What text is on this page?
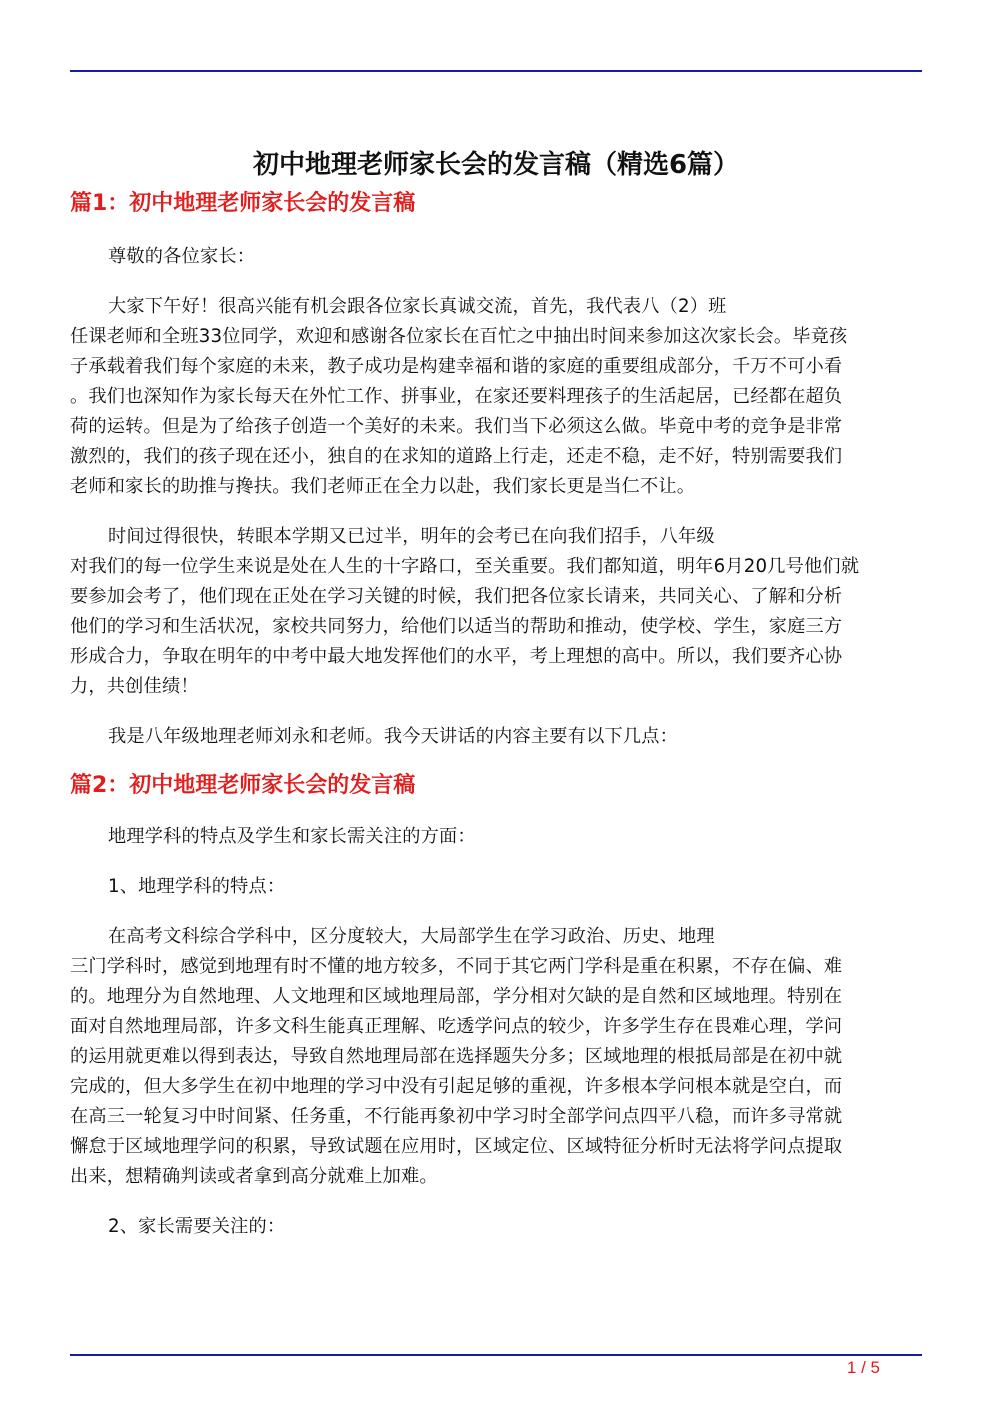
初中地理老师家长会的发言稿（精选6篇）
篇1：初中地理老师家长会的发言稿

尊敬的各位家长：

大家下午好！很高兴能有机会跟各位家长真诚交流，首先，我代表八（2）班
任课老师和全班33位同学，欢迎和感谢各位家长在百忙之中抽出时间来参加这次家长会。毕竟孩
子承载着我们每个家庭的未来，教子成功是构建幸福和谐的家庭的重要组成部分，千万不可小看
。我们也深知作为家长每天在外忙工作、拼事业，在家还要料理孩子的生活起居，已经都在超负
荷的运转。但是为了给孩子创造一个美好的未来。我们当下必须这么做。毕竟中考的竞争是非常
激烈的，我们的孩子现在还小，独自的在求知的道路上行走，还走不稳，走不好，特别需要我们
老师和家长的助推与搀扶。我们老师正在全力以赴，我们家长更是当仁不让。

时间过得很快，转眼本学期又已过半，明年的会考已在向我们招手，八年级
对我们的每一位学生来说是处在人生的十字路口，至关重要。我们都知道，明年6月20几号他们就
要参加会考了，他们现在正处在学习关键的时候，我们把各位家长请来，共同关心、了解和分析
他们的学习和生活状况，家校共同努力，给他们以适当的帮助和推动，使学校、学生，家庭三方
形成合力，争取在明年的中考中最大地发挥他们的水平，考上理想的高中。所以，我们要齐心协
力，共创佳绩！

我是八年级地理老师刘永和老师。我今天讲话的内容主要有以下几点：

篇2：初中地理老师家长会的发言稿

地理学科的特点及学生和家长需关注的方面：

1、地理学科的特点：

在高考文科综合学科中，区分度较大，大局部学生在学习政治、历史、地理
三门学科时，感觉到地理有时不懂的地方较多，不同于其它两门学科是重在积累，不存在偏、难
的。地理分为自然地理、人文地理和区域地理局部，学分相对欠缺的是自然和区域地理。特别在
面对自然地理局部，许多文科生能真正理解、吃透学问点的较少，许多学生存在畏难心理，学问
的运用就更难以得到表达，导致自然地理局部在选择题失分多；区域地理的根抵局部是在初中就
完成的，但大多学生在初中地理的学习中没有引起足够的重视，许多根本学问根本就是空白，而
在高三一轮复习中时间紧、任务重，不行能再象初中学习时全部学问点四平八稳，而许多寻常就
懈怠于区域地理学问的积累，导致试题在应用时，区域定位、区域特征分析时无法将学问点提取
出来，想精确判读或者拿到高分就难上加难。

2、家长需要关注的：

1 / 5
